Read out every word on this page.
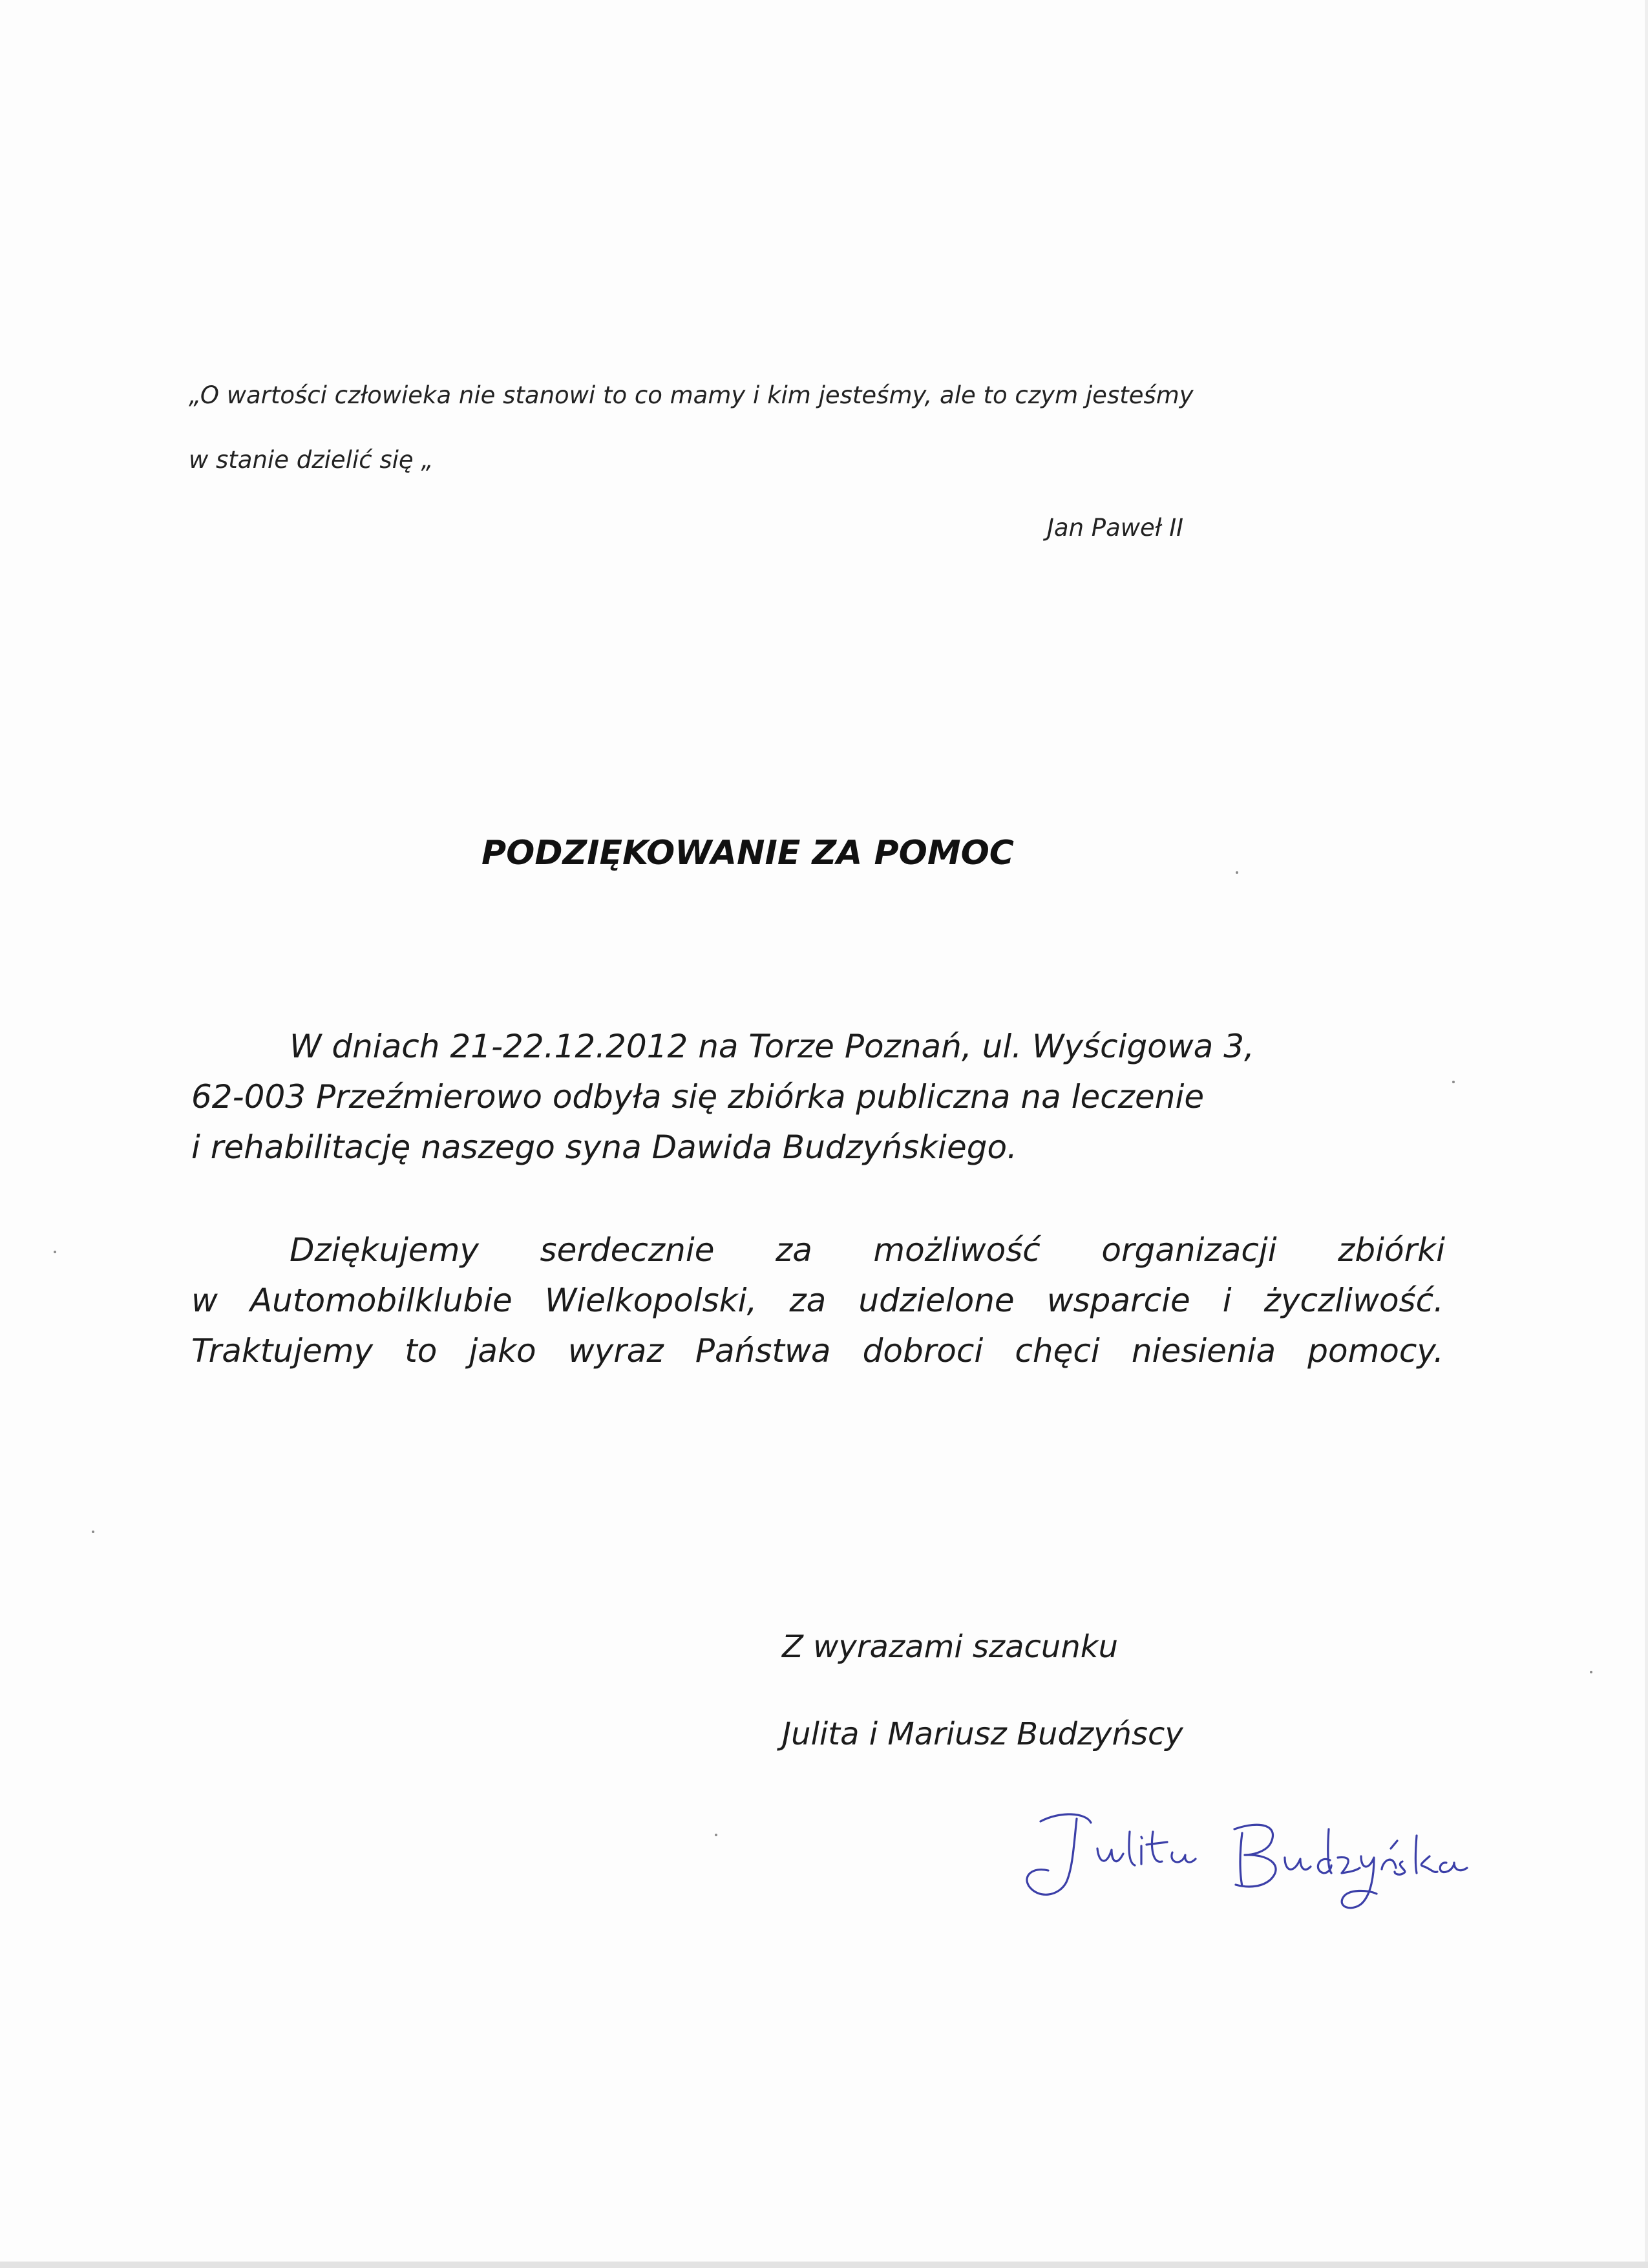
„O wartości człowieka nie stanowi to co mamy i kim jesteśmy, ale to czym jesteśmy

w stanie dzielić się „

Jan Paweł II

PODZIĘKOWANIE ZA POMOC

W dniach 21-22.12.2012 na Torze Poznań, ul. Wyścigowa 3,

62-003 Przeźmierowo odbyła się zbiórka publiczna na leczenie

i rehabilitację naszego syna Dawida Budzyńskiego.

Dziękujemy serdecznie za możliwość organizacji zbiórki

w Automobilklubie Wielkopolski, za udzielone wsparcie i życzliwość.

Traktujemy to jako wyraz Państwa dobroci chęci niesienia pomocy.

Z wyrazami szacunku

Julita i Mariusz Budzyńscy
